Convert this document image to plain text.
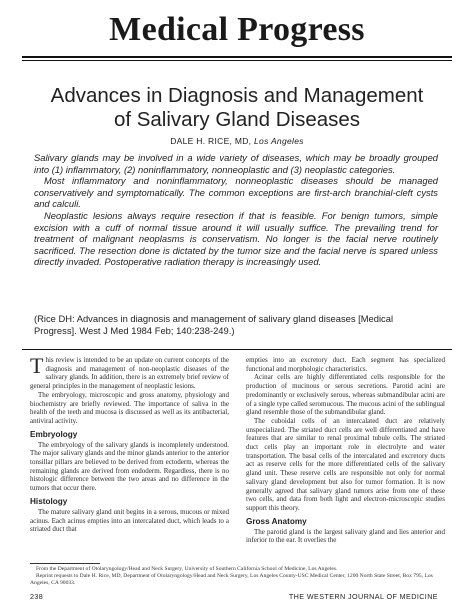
Medical Progress
Advances in Diagnosis and Management
of Salivary Gland Diseases
DALE H. RICE, MD, Los Angeles

Salivary glands may be involved in a wide variety of diseases, which may be broadly grouped into (1) inflammatory, (2) noninflammatory, nonneoplastic and (3) neoplastic categories.

Most inflammatory and noninflammatory, nonneoplastic diseases should be managed conservatively and symptomatically. The common exceptions are first-arch branchial-cleft cysts and calculi.

Neoplastic lesions always require resection if that is feasible. For benign tumors, simple excision with a cuff of normal tissue around it will usually suffice. The prevailing trend for treatment of malignant neoplasms is conservatism. No longer is the facial nerve routinely sacrificed. The resection done is dictated by the tumor size and the facial nerve is spared unless directly invaded. Postoperative radiation therapy is increasingly used.

(Rice DH: Advances in diagnosis and management of salivary gland diseases [Medical Progress]. West J Med 1984 Feb; 140:238-249.)

This review is intended to be an update on current concepts of the diagnosis and management of non-neoplastic diseases of the salivary glands. In addition, there is an extremely brief review of general principles in the management of neoplastic lesions.

The embryology, microscopic and gross anatomy, physiology and biochemistry are briefly reviewed. The importance of saliva in the health of the teeth and mucosa is discussed as well as its antibacterial, antiviral activity.

Embryology

The embryology of the salivary glands is incompletely understood. The major salivary glands and the minor glands anterior to the anterior tonsillar pillars are believed to be derived from ectoderm, whereas the remaining glands are derived from endoderm. Regardless, there is no histologic difference between the two areas and no difference in the tumors that occur there.

Histology

The mature salivary gland unit begins in a serous, mucous or mixed acinus. Each acinus empties into an intercalated duct, which leads to a striated duct that

empties into an excretory duct. Each segment has specialized functional and morphologic characteristics.

Acinar cells are highly differentiated cells responsible for the production of mucinous or serous secretions. Parotid acini are predominantly or exclusively serous, whereas submandibular acini are of a single type called seromucous. The mucous acini of the sublingual gland resemble those of the submandibular gland.

The cuboidal cells of an intercalated duct are relatively unspecialized. The striated duct cells are well differentiated and have features that are similar to renal proximal tubule cells. The striated duct cells play an important role in electrolyte and water transportation. The basal cells of the intercalated and excretory ducts act as reserve cells for the more differentiated cells of the salivary gland unit. These reserve cells are responsible not only for normal salivary gland development but also for tumor formation. It is now generally agreed that salivary gland tumors arise from one of these two cells, and data from both light and electron-microscopic studies support this theory.

Gross Anatomy

The parotid gland is the largest salivary gland and lies anterior and inferior to the ear. It overlies the

From the Department of Otolaryngology/Head and Neck Surgery, University of Southern California School of Medicine, Los Angeles.

Reprint requests to Dale H. Rice, MD, Department of Otolaryngology/Head and Neck Surgery, Los Angeles County-USC Medical Center, 1200 North State Street, Box 795, Los Angeles, CA 90033.

238	THE WESTERN JOURNAL OF MEDICINE
